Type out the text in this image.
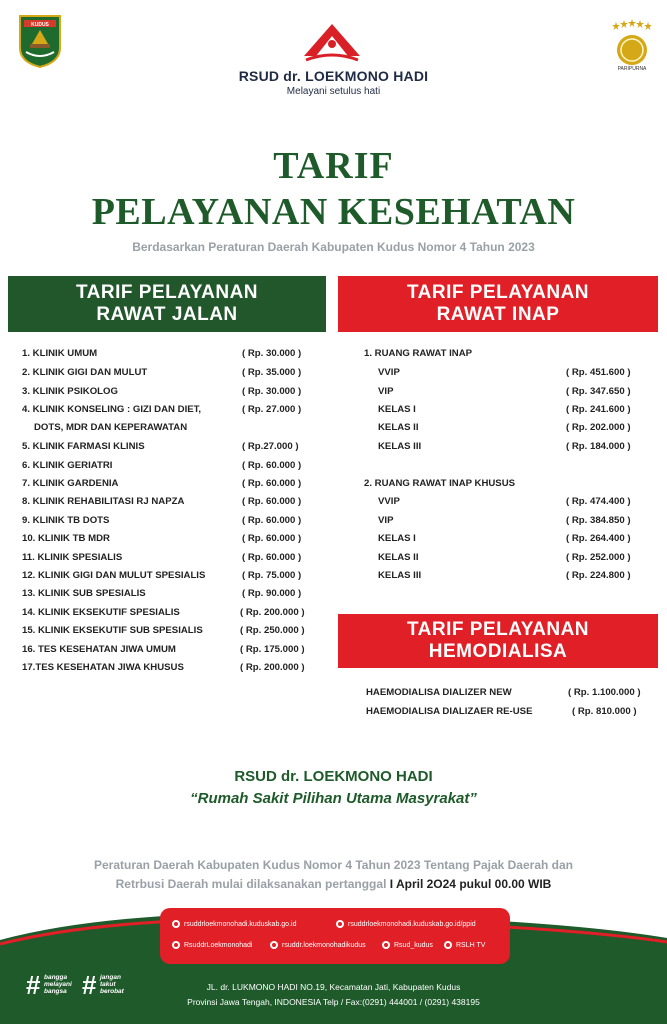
KUDUS
RSUD dr. LOEKMONO HADI
Melayani setulus hati
PARIPURNA
TARIF
PELAYANAN KESEHATAN
Berdasarkan Peraturan Daerah Kabupaten Kudus Nomor 4 Tahun 2023
TARIF PELAYANAN
RAWAT JALAN
TARIF PELAYANAN
RAWAT INAP
1. KLINIK UMUM	( Rp. 30.000 )
2. KLINIK GIGI DAN MULUT	( Rp. 35.000 )
3. KLINIK PSIKOLOG	( Rp. 30.000 )
4. KLINIK KONSELING : GIZI DAN DIET,	( Rp. 27.000 )
DOTS, MDR DAN KEPERAWATAN
5. KLINIK FARMASI KLINIS	( Rp.27.000 )
6. KLINIK GERIATRI	( Rp. 60.000 )
7. KLINIK GARDENIA	( Rp. 60.000 )
8. KLINIK REHABILITASI RJ NAPZA	( Rp. 60.000 )
9. KLINIK TB DOTS	( Rp. 60.000 )
10. KLINIK TB MDR	( Rp. 60.000 )
11. KLINIK SPESIALIS	( Rp. 60.000 )
12. KLINIK GIGI DAN MULUT SPESIALIS	( Rp. 75.000 )
13. KLINIK SUB SPESIALIS	( Rp. 90.000 )
14. KLINIK EKSEKUTIF SPESIALIS	( Rp. 200.000 )
15. KLINIK EKSEKUTIF SUB SPESIALIS	( Rp. 250.000 )
16. TES KESEHATAN JIWA UMUM	( Rp. 175.000 )
17.TES KESEHATAN JIWA KHUSUS	( Rp. 200.000 )
1. RUANG RAWAT INAP
VVIP	( Rp. 451.600 )
VIP	( Rp. 347.650 )
KELAS I	( Rp. 241.600 )
KELAS II	( Rp. 202.000 )
KELAS III	( Rp. 184.000 )
2. RUANG RAWAT INAP KHUSUS
VVIP	( Rp. 474.400 )
VIP	( Rp. 384.850 )
KELAS I	( Rp. 264.400 )
KELAS II	( Rp. 252.000 )
KELAS III	( Rp. 224.800 )
TARIF PELAYANAN
HEMODIALISA
HAEMODIALISA DIALIZER NEW	( Rp. 1.100.000 )
HAEMODIALISA DIALIZAER RE-USE	( Rp. 810.000 )
RSUD dr. LOEKMONO HADI
“Rumah Sakit Pilihan Utama Masyrakat”
Peraturan Daerah Kabupaten Kudus Nomor 4 Tahun 2023 Tentang Pajak Daerah dan
Retrbusi Daerah mulai dilaksanakan pertanggal I April 2O24 pukul 00.00 WIB
rsuddrloekmonohadi.kuduskab.go.id	rsuddrloekmonohadi.kuduskab.go.id/ppid
RsuddrLoekmonohadi	rsuddr.loekmonohadikudus	Rsud_kudus	RSLH TV
# bangga
melayani
bangsa # jangan
takut
berobat	JL. dr. LUKMONO HADI NO.19, Kecamatan Jati, Kabupaten Kudus
Provinsi Jawa Tengah, INDONESIA Telp / Fax:(0291) 444001 / (0291) 438195
